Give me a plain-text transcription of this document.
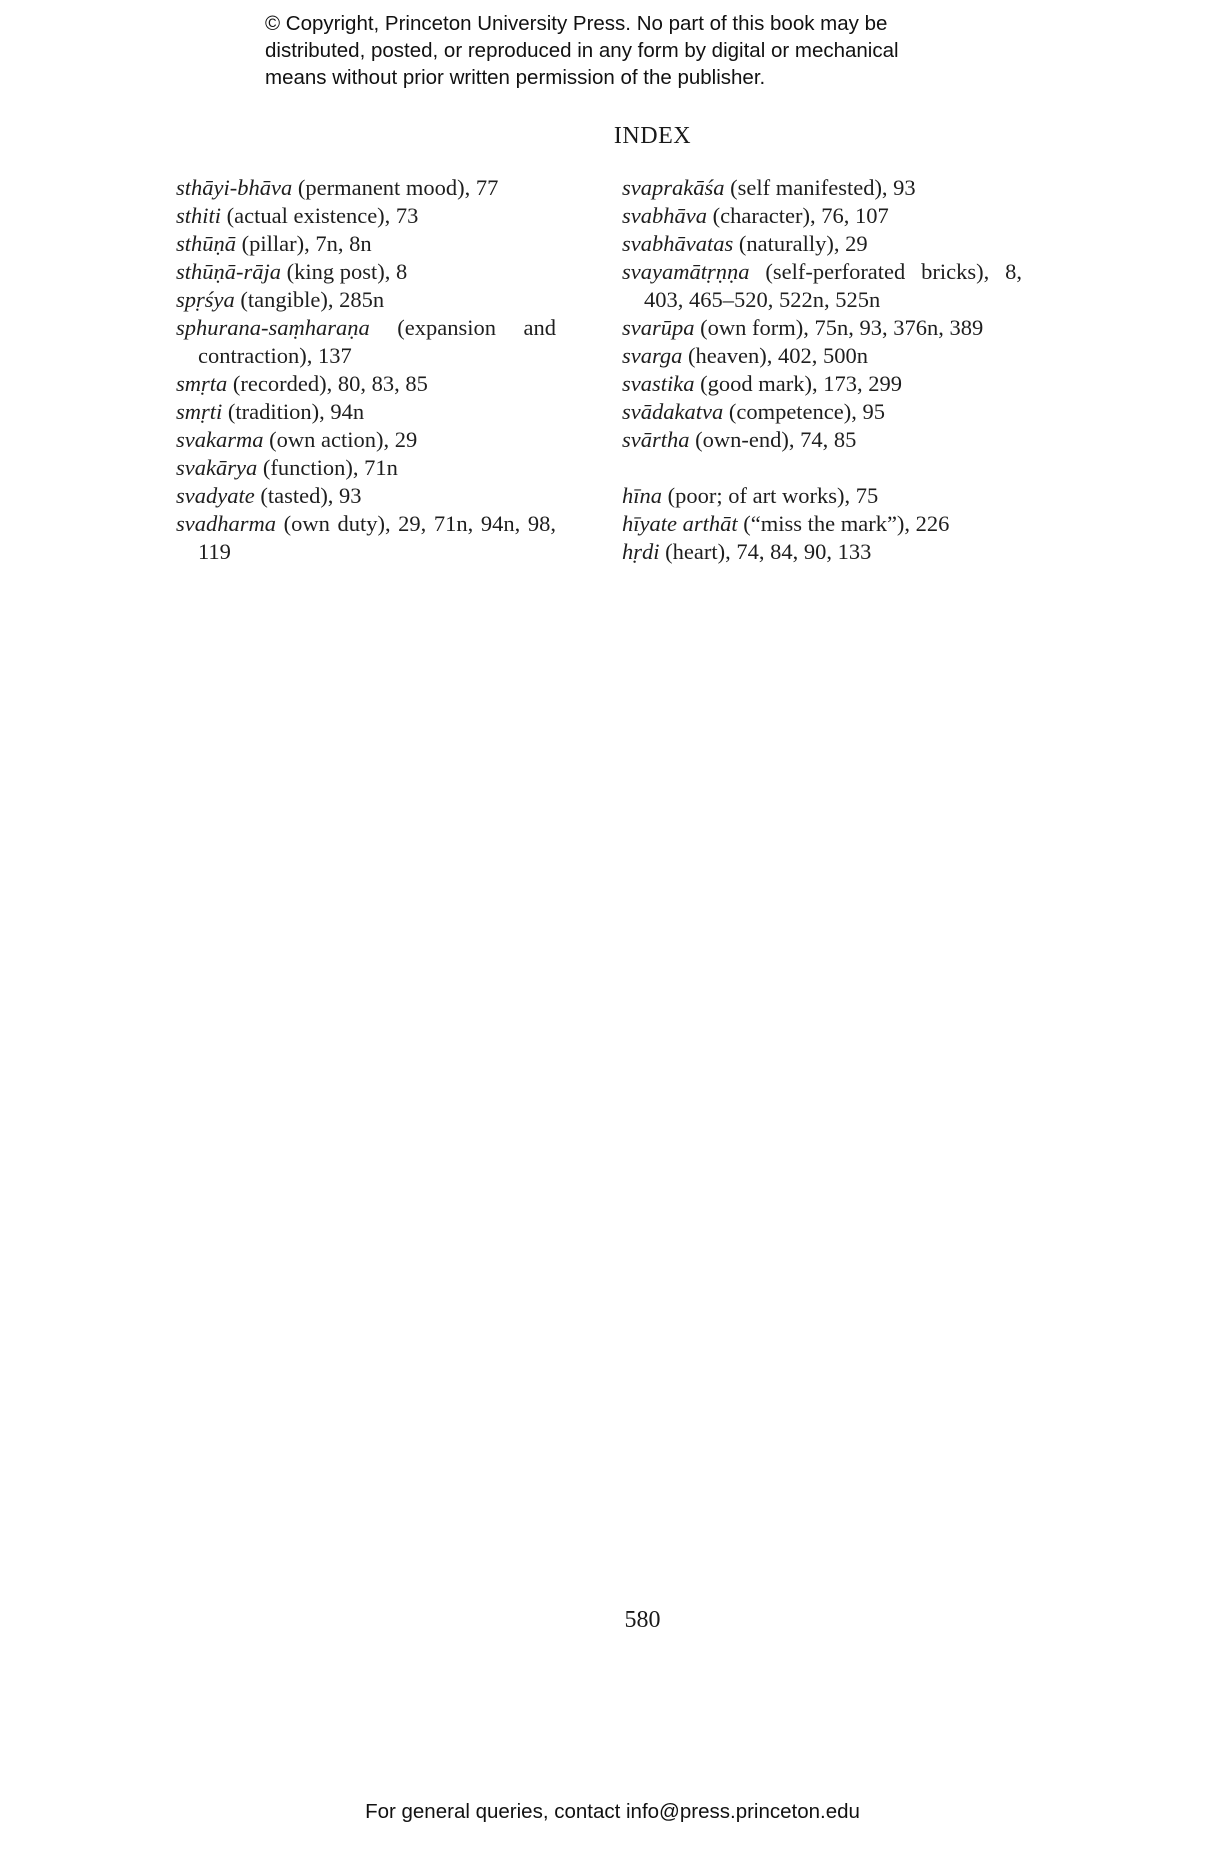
© Copyright, Princeton University Press. No part of this book may be
distributed, posted, or reproduced in any form by digital or mechanical
means without prior written permission of the publisher.
INDEX
sthāyi-bhāva (permanent mood), 77
sthiti (actual existence), 73
sthūṇā (pillar), 7n, 8n
sthūṇā-rāja (king post), 8
spṛśya (tangible), 285n
sphurana-saṃharaṇa (expansion and contraction), 137
smṛta (recorded), 80, 83, 85
smṛti (tradition), 94n
svakarma (own action), 29
svakārya (function), 71n
svadyate (tasted), 93
svadharma (own duty), 29, 71n, 94n, 98, 119
svaprakāśa (self manifested), 93
svabhāva (character), 76, 107
svabhāvatas (naturally), 29
svayamātṛṇṇa (self-perforated bricks), 8, 403, 465–520, 522n, 525n
svarūpa (own form), 75n, 93, 376n, 389
svarga (heaven), 402, 500n
svastika (good mark), 173, 299
svādakatva (competence), 95
svārtha (own-end), 74, 85
hīna (poor; of art works), 75
hīyate arthāt (“miss the mark”), 226
hṛdi (heart), 74, 84, 90, 133
580
For general queries, contact info@press.princeton.edu
